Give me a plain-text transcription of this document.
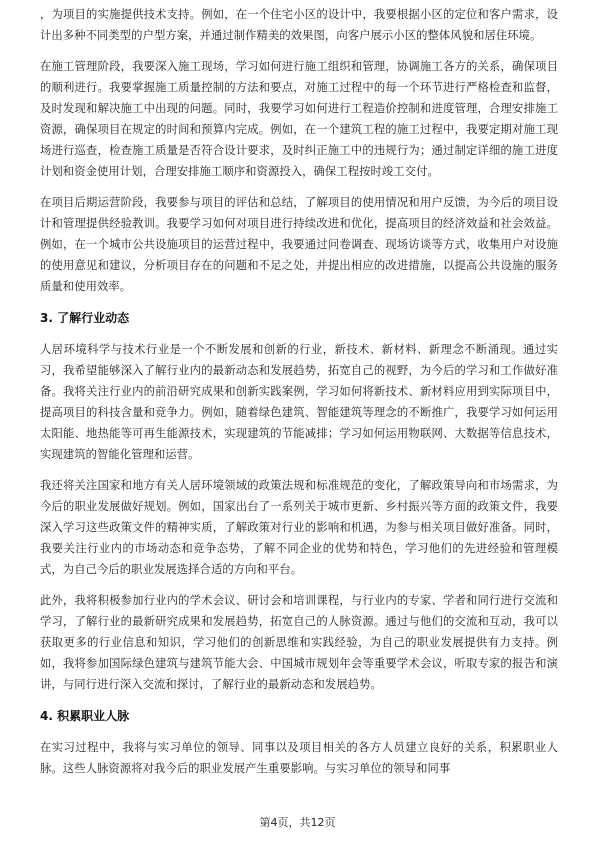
，为项目的实施提供技术支持。例如，在一个住宅小区的设计中，我要根据小区的定位和客户需求，设计出多种不同类型的户型方案，并通过制作精美的效果图，向客户展示小区的整体风貌和居住环境。

在施工管理阶段，我要深入施工现场，学习如何进行施工组织和管理，协调施工各方的关系，确保项目的顺利进行。我要掌握施工质量控制的方法和要点，对施工过程中的每一个环节进行严格检查和监督，及时发现和解决施工中出现的问题。同时，我要学习如何进行工程造价控制和进度管理，合理安排施工资源，确保项目在规定的时间和预算内完成。例如，在一个建筑工程的施工过程中，我要定期对施工现场进行巡查，检查施工质量是否符合设计要求，及时纠正施工中的违规行为；通过制定详细的施工进度计划和资金使用计划，合理安排施工顺序和资源投入，确保工程按时竣工交付。

在项目后期运营阶段，我要参与项目的评估和总结，了解项目的使用情况和用户反馈，为今后的项目设计和管理提供经验教训。我要学习如何对项目进行持续改进和优化，提高项目的经济效益和社会效益。例如，在一个城市公共设施项目的运营过程中，我要通过问卷调查、现场访谈等方式，收集用户对设施的使用意见和建议，分析项目存在的问题和不足之处，并提出相应的改进措施，以提高公共设施的服务质量和使用效率。

3. 了解行业动态

人居环境科学与技术行业是一个不断发展和创新的行业，新技术、新材料、新理念不断涌现。通过实习，我希望能够深入了解行业内的最新动态和发展趋势，拓宽自己的视野，为今后的学习和工作做好准备。我将关注行业内的前沿研究成果和创新实践案例，学习如何将新技术、新材料应用到实际项目中，提高项目的科技含量和竞争力。例如，随着绿色建筑、智能建筑等理念的不断推广，我要学习如何运用太阳能、地热能等可再生能源技术，实现建筑的节能减排；学习如何运用物联网、大数据等信息技术，实现建筑的智能化管理和运营。

我还将关注国家和地方有关人居环境领域的政策法规和标准规范的变化，了解政策导向和市场需求，为今后的职业发展做好规划。例如，国家出台了一系列关于城市更新、乡村振兴等方面的政策文件，我要深入学习这些政策文件的精神实质，了解政策对行业的影响和机遇，为参与相关项目做好准备。同时，我要关注行业内的市场动态和竞争态势，了解不同企业的优势和特色，学习他们的先进经验和管理模式，为自己今后的职业发展选择合适的方向和平台。

此外，我将积极参加行业内的学术会议、研讨会和培训课程，与行业内的专家、学者和同行进行交流和学习，了解行业的最新研究成果和发展趋势，拓宽自己的人脉资源。通过与他们的交流和互动，我可以获取更多的行业信息和知识，学习他们的创新思维和实践经验，为自己的职业发展提供有力支持。例如，我将参加国际绿色建筑与建筑节能大会、中国城市规划年会等重要学术会议，听取专家的报告和演讲，与同行进行深入交流和探讨，了解行业的最新动态和发展趋势。

4. 积累职业人脉

在实习过程中，我将与实习单位的领导、同事以及项目相关的各方人员建立良好的关系，积累职业人脉。这些人脉资源将对我今后的职业发展产生重要影响。与实习单位的领导和同事

第4页，共12页
